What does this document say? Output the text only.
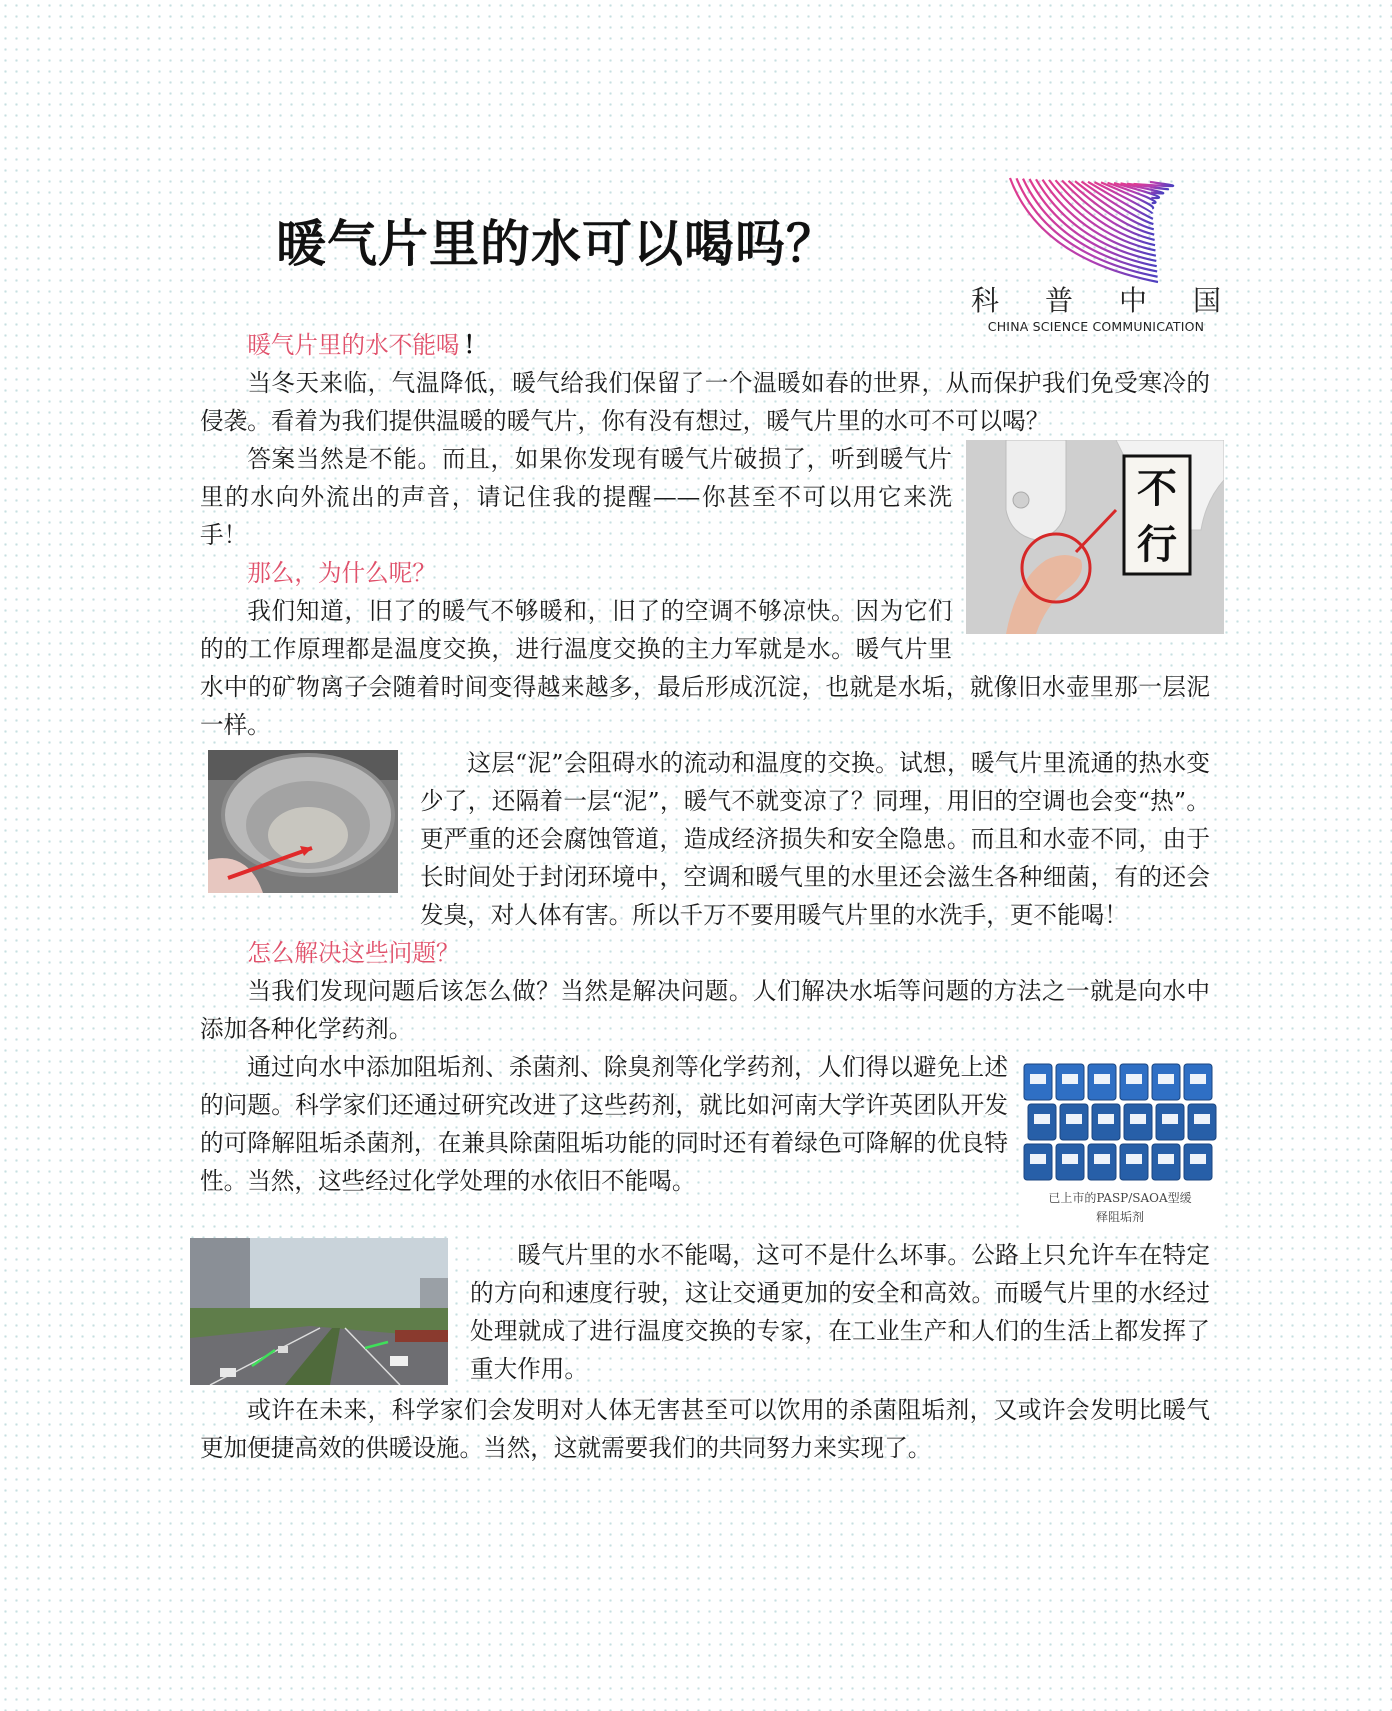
暖气片里的水可以喝吗？
科 普 中 国
CHINA SCIENCE COMMUNICATION

暖气片里的水不能喝 ！

当冬天来临，气温降低，暖气给我们保留了一个温暖如春的世界，从而保护我们免受寒冷的侵袭。看着为我们提供温暖的暖气片，你有没有想过，暖气片里的水可不可以喝？

不
行

答案当然是不能。而且，如果你发现有暖气片破损了，听到暖气片里的水向外流出的声音，请记住我的提醒——你甚至不可以用它来洗手！

那么，为什么呢？

我们知道，旧了的暖气不够暖和，旧了的空调不够凉快。因为它们的的工作原理都是温度交换，进行温度交换的主力军就是水。暖气片里水中的矿物离子会随着时间变得越来越多，最后形成沉淀，也就是水垢，就像旧水壶里那一层泥一样。

这层“泥”会阻碍水的流动和温度的交换。试想，暖气片里流通的热水变少了，还隔着一层“泥”，暖气不就变凉了？同理，用旧的空调也会变“热”。更严重的还会腐蚀管道，造成经济损失和安全隐患。而且和水壶不同，由于长时间处于封闭环境中，空调和暖气里的水里还会滋生各种细菌，有的还会发臭，对人体有害。所以千万不要用暖气片里的水洗手，更不能喝！

怎么解决这些问题？

当我们发现问题后该怎么做？当然是解决问题。人们解决水垢等问题的方法之一就是向水中添加各种化学药剂。

已上市的PASP/SAOA型缓
释阻垢剂

通过向水中添加阻垢剂、杀菌剂、除臭剂等化学药剂，人们得以避免上述的问题。科学家们还通过研究改进了这些药剂，就比如河南大学许英团队开发的可降解阻垢杀菌剂，在兼具除菌阻垢功能的同时还有着绿色可降解的优良特性。当然，这些经过化学处理的水依旧不能喝。

暖气片里的水不能喝，这可不是什么坏事。公路上只允许车在特定的方向和速度行驶，这让交通更加的安全和高效。而暖气片里的水经过处理就成了进行温度交换的专家，在工业生产和人们的生活上都发挥了重大作用。

或许在未来，科学家们会发明对人体无害甚至可以饮用的杀菌阻垢剂，又或许会发明比暖气更加便捷高效的供暖设施。当然，这就需要我们的共同努力来实现了。
